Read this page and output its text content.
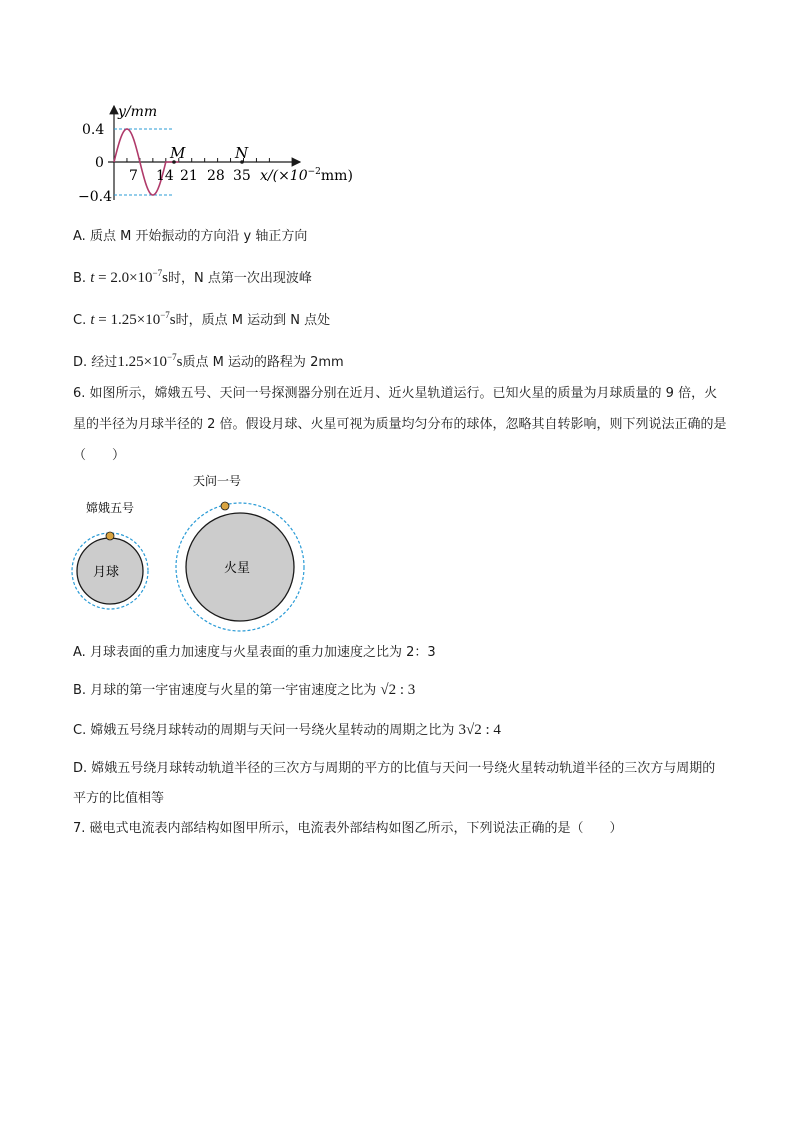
y/mm
0.4
0
−0.4
7 14 21 28 35
M	N
$x/(\times 10^{-2}mm)$
A. 质点 M 开始振动的方向沿 y 轴正方向
B. $t = 2.0\times 10^{-7}s$时，N 点第一次出现波峰
C. $t = 1.25\times 10^{-7}s$时，质点 M 运动到 N 点处
D. 经过$1.25\times 10^{-7}s$质点 M 运动的路程为 2mm
6. 如图所示，嫦娥五号、天问一号探测器分别在近月、近火星轨道运行。已知火星的质量为月球质量的 9 倍，火星的半径为月球半径的 2 倍。假设月球、火星可视为质量均匀分布的球体，忽略其自转影响，则下列说法正确的是（　　）
嫦娥五号
月球
天问一号
火星
A. 月球表面的重力加速度与火星表面的重力加速度之比为 2：3
B. 月球的第一宇宙速度与火星的第一宇宙速度之比为 √2 : 3
C. 嫦娥五号绕月球转动的周期与天问一号绕火星转动的周期之比为 3√2 : 4
D. 嫦娥五号绕月球转动轨道半径的三次方与周期的平方的比值与天问一号绕火星转动轨道半径的三次方与周期的平方的比值相等
7. 磁电式电流表内部结构如图甲所示，电流表外部结构如图乙所示，下列说法正确的是（　　）
